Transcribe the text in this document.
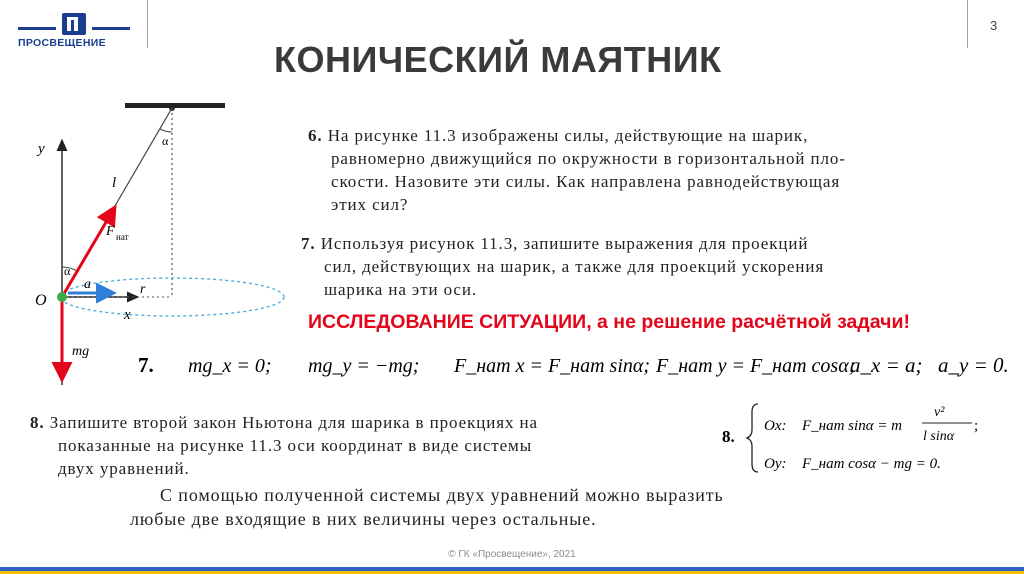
ПРОСВЕЩЕНИЕ
3
КОНИЧЕСКИЙ МАЯТНИК
y
x
O
l
α
α
r
a
F нат
mg
6. На рисунке 11.3 изображены силы, действующие на шарик,
равномерно движущийся по окружности в горизонтальной пло-
скости. Назовите эти силы. Как направлена равнодействующая
этих сил?
7. Используя рисунок 11.3, запишите выражения для проекций
сил, действующих на шарик, а также для проекций ускорения
шарика на эти оси.
ИССЛЕДОВАНИЕ СИТУАЦИИ, а не решение расчётной задачи!
7. mg_x = 0; mg_y = −mg; F_нат x = F_нат sinα; F_нат y = F_нат cosα;
a_x = a; a_y = 0.
8. Запишите второй закон Ньютона для шарика в проекциях на
показанные на рисунке 11.3 оси координат в виде системы
двух уравнений.
8.
Ox: F_нат sinα = m
v²
l sinα
;
Oy: F_нат cosα − mg = 0.
С помощью полученной системы двух уравнений можно выразить
любые две входящие в них величины через остальные.
© ГК «Просвещение», 2021
